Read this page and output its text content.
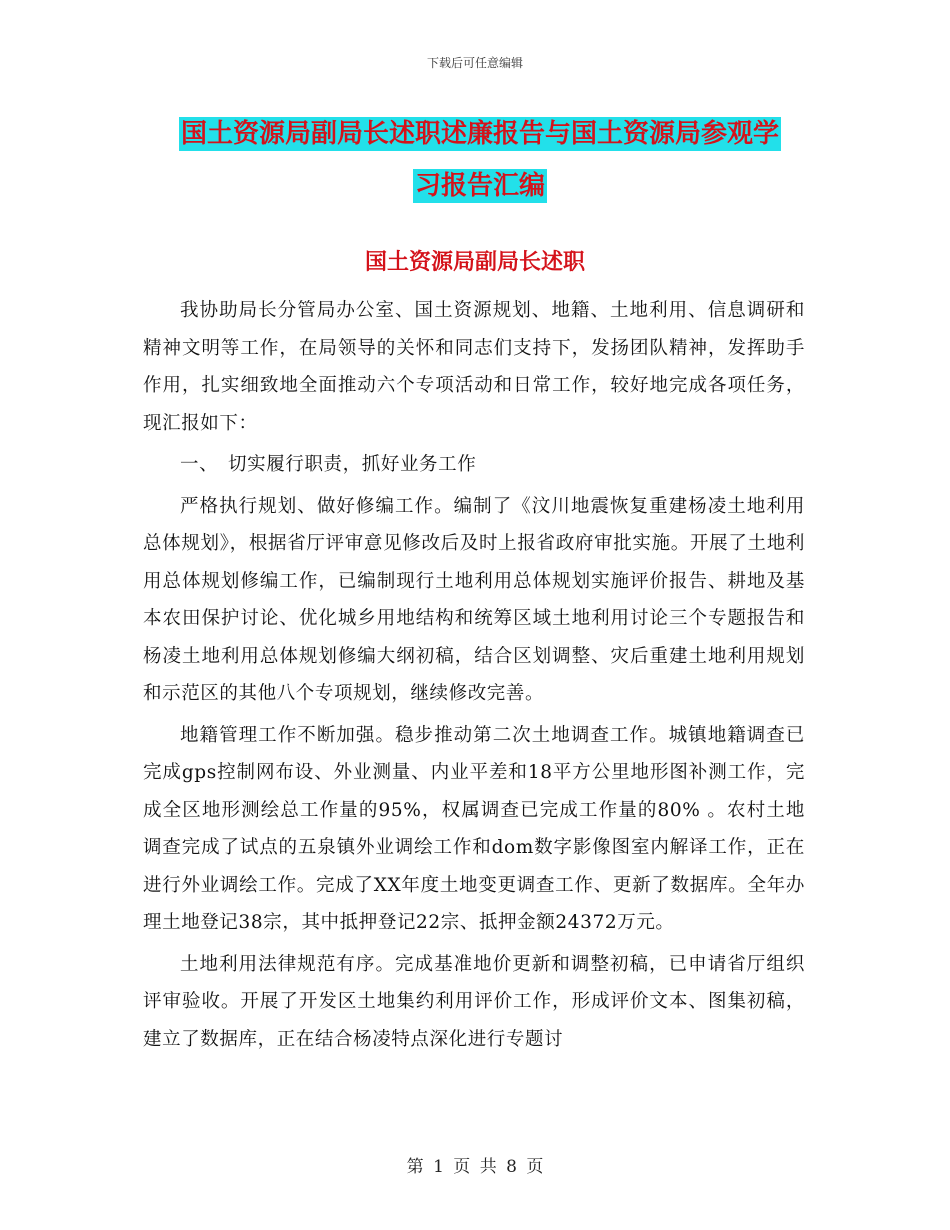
下载后可任意编辑
国土资源局副局长述职述廉报告与国土资源局参观学
习报告汇编
国土资源局副局长述职

我协助局长分管局办公室、国土资源规划、地籍、土地利用、信息调研和精神文明等工作，在局领导的关怀和同志们支持下，发扬团队精神，发挥助手作用，扎实细致地全面推动六个专项活动和日常工作，较好地完成各项任务，现汇报如下：

一、　切实履行职责，抓好业务工作

严格执行规划、做好修编工作。编制了《汶川地震恢复重建杨凌土地利用总体规划》，根据省厅评审意见修改后及时上报省政府审批实施。开展了土地利用总体规划修编工作，已编制现行土地利用总体规划实施评价报告、耕地及基本农田保护讨论、优化城乡用地结构和统筹区域土地利用讨论三个专题报告和杨凌土地利用总体规划修编大纲初稿，结合区划调整、灾后重建土地利用规划和示范区的其他八个专项规划，继续修改完善。

地籍管理工作不断加强。稳步推动第二次土地调查工作。城镇地籍调查已完成gps控制网布设、外业测量、内业平差和18平方公里地形图补测工作，完成全区地形测绘总工作量的95%，权属调查已完成工作量的80% 。农村土地调查完成了试点的五泉镇外业调绘工作和dom数字影像图室内解译工作，正在进行外业调绘工作。完成了XX年度土地变更调查工作、更新了数据库。全年办理土地登记38宗，其中抵押登记22宗、抵押金额24372万元。

土地利用法律规范有序。完成基准地价更新和调整初稿，已申请省厅组织评审验收。开展了开发区土地集约利用评价工作，形成评价文本、图集初稿，建立了数据库，正在结合杨凌特点深化进行专题讨

第 1 页 共 8 页
